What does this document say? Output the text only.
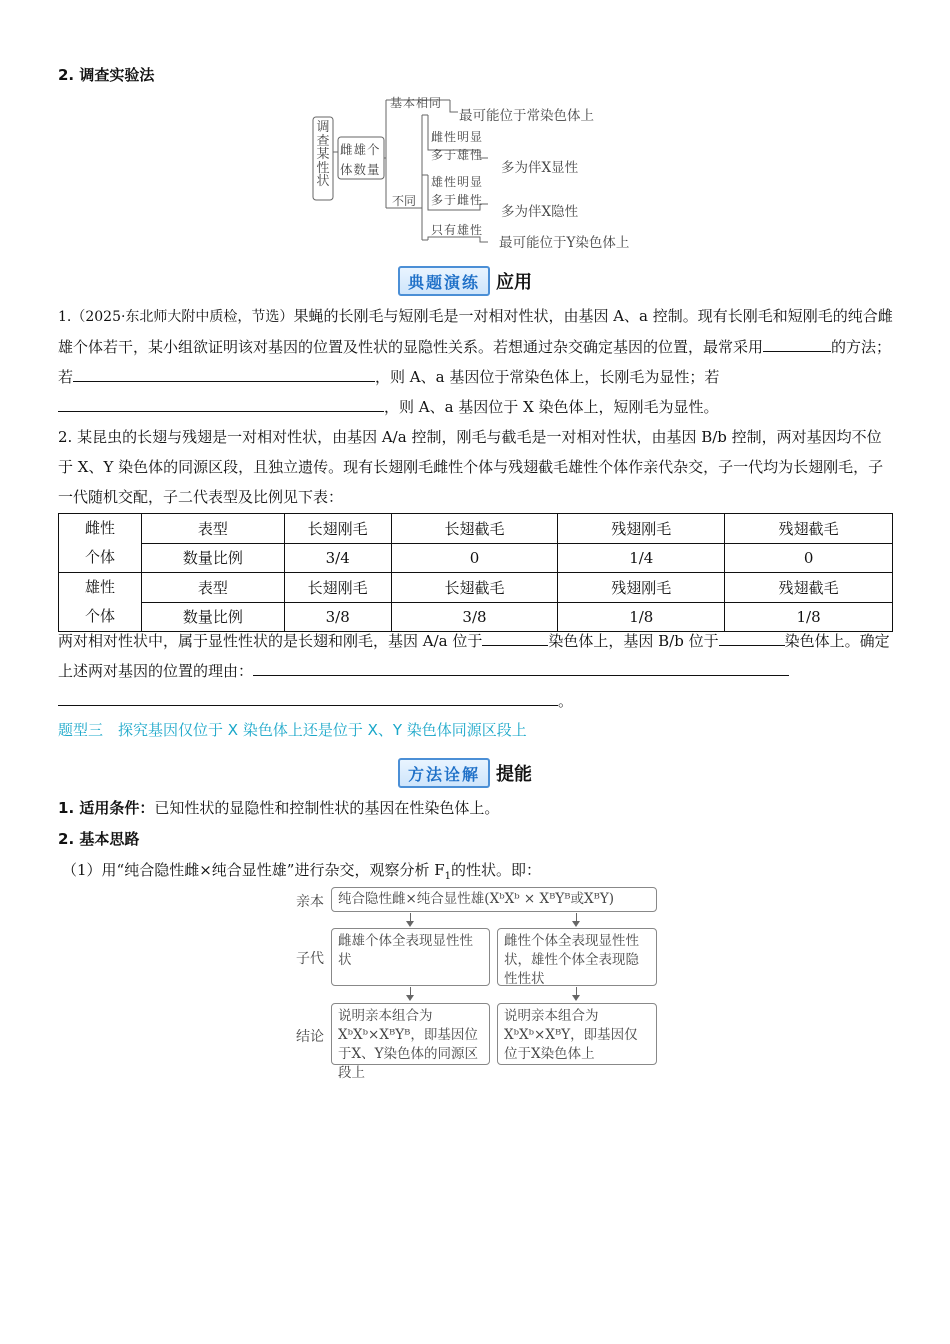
2. 调查实验法
调查某性状
雌雄个体数量
基本相同
最可能位于常染色体上
不同
雌性明显
多于雄性
多为伴X显性
雄性明显
多于雌性
多为伴X隐性
只有雄性
最可能位于Y染色体上
典题演练 应用
1.（2025·东北师大附中质检，节选）果蝇的长刚毛与短刚毛是一对相对性状，由基因 A、a 控制。现有长刚毛和短刚毛的纯合雌雄个体若干，某小组欲证明该对基因的位置及性状的显隐性关系。若想通过杂交确定基因的位置，最常采用	的方法；若	，则 A、a 基因位于常染色体上，长刚毛为显性；若，则 A、a 基因位于 X 染色体上，短刚毛为显性。
2. 某昆虫的长翅与残翅是一对相对性状，由基因 A/a 控制，刚毛与截毛是一对相对性状，由基因 B/b 控制，两对基因均不位于 X、Y 染色体的同源区段，且独立遗传。现有长翅刚毛雌性个体与残翅截毛雄性个体作亲代杂交，子一代均为长翅刚毛，子一代随机交配，子二代表型及比例见下表：
雌性个体	表型	长翅刚毛	长翅截毛	残翅刚毛	残翅截毛
	数量比例	3/4	0	1/4	0

雄性个体	表型	长翅刚毛	长翅截毛	残翅刚毛	残翅截毛
	数量比例	3/8	3/8	1/8	1/8
两对相对性状中，属于显性性状的是长翅和刚毛，基因 A/a 位于	染色体上，基因 B/b 位于	染色体上。确定上述两对基因的位置的理由：。
题型三　探究基因仅位于 X 染色体上还是位于 X、Y 染色体同源区段上
方法诠解 提能
1. 适用条件：已知性状的显隐性和控制性状的基因在性染色体上。
2. 基本思路
（1）用“纯合隐性雌×纯合显性雄”进行杂交，观察分析 $F_1$的性状。即：
亲本
子代
结论
纯合隐性雌×纯合显性雄(XᵇXᵇ × XᴮYᴮ或XᴮY)
雌雄个体全表现显性性状
雌性个体全表现显性性状，雄性个体全表现隐性性状
说明亲本组合为XᵇXᵇ×XᴮYᴮ，即基因位于X、Y染色体的同源区段上
说明亲本组合为XᵇXᵇ×XᴮY，即基因仅位于X染色体上
